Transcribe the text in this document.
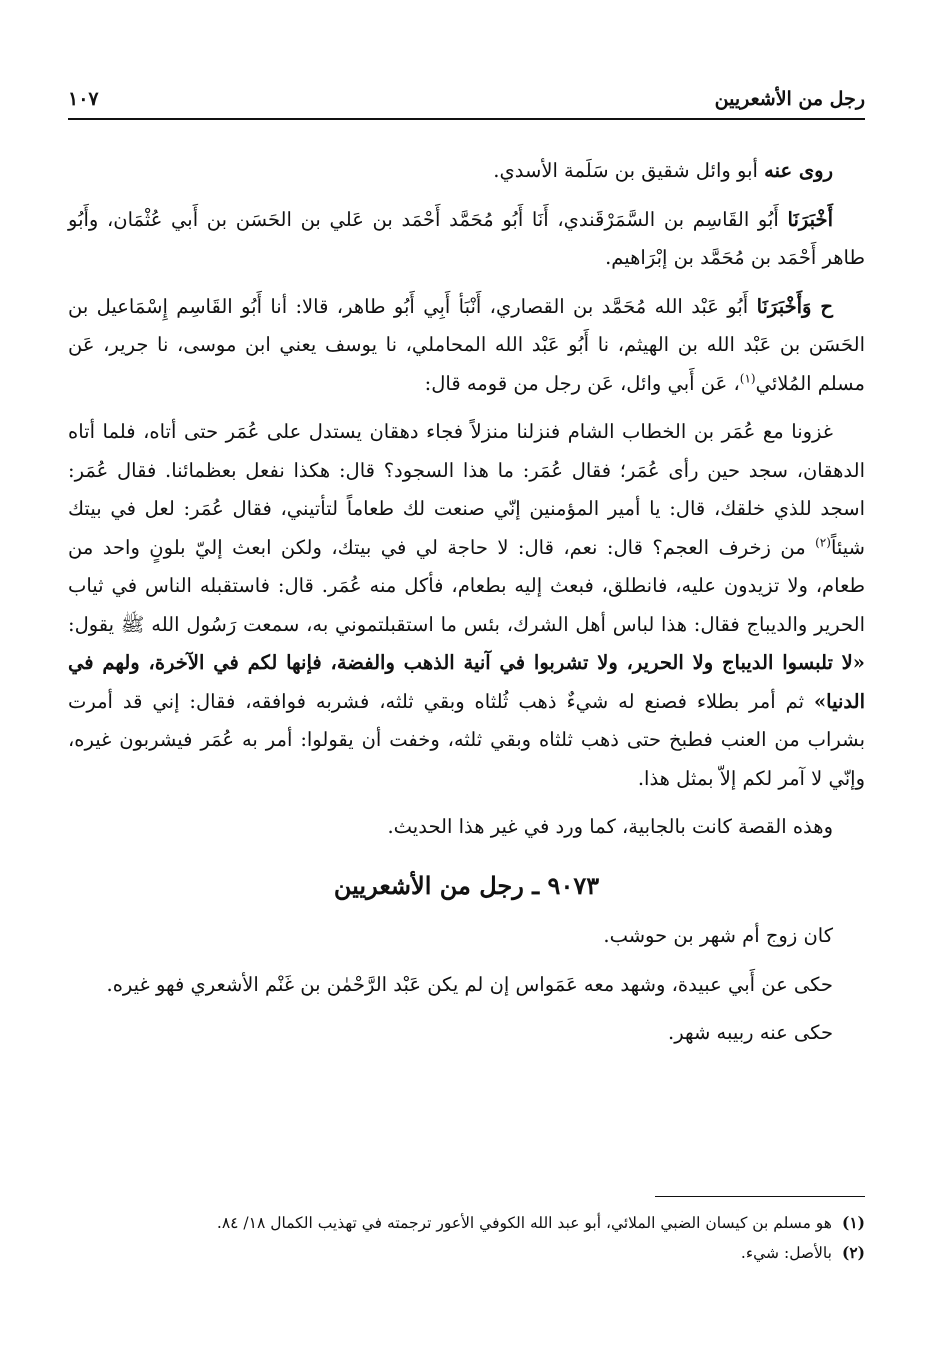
رجل من الأشعريين
١٠٧

روى عنه أبو وائل شقيق بن سَلَمة الأسدي.

أَخْبَرَنَا أَبُو القَاسِم بن السَّمَرْقَندي، أَنَا أَبُو مُحَمَّد أَحْمَد بن عَلي بن الحَسَن بن أَبي عُثْمَان، وأَبُو طاهر أَحْمَد بن مُحَمَّد بن إبْرَاهيم.

ح وَأَخْبَرَنَا أَبُو عَبْد الله مُحَمَّد بن القصاري، أَنْبَأ أَبِي أَبُو طاهر، قالا: أنا أَبُو القَاسِم إِسْمَاعيل بن الحَسَن بن عَبْد الله بن الهيثم، نا أَبُو عَبْد الله المحاملي، نا يوسف يعني ابن موسى، نا جرير، عَن مسلم المُلائي$^{(١)}$، عَن أَبي وائل، عَن رجل من قومه قال:

غزونا مع عُمَر بن الخطاب الشام فنزلنا منزلاً فجاء دهقان يستدل على عُمَر حتى أتاه، فلما أتاه الدهقان، سجد حين رأى عُمَر؛ فقال عُمَر: ما هذا السجود؟ قال: هكذا نفعل بعظمائنا. فقال عُمَر: اسجد للذي خلقك، قال: يا أمير المؤمنين إنّي صنعت لك طعاماً لتأتيني، فقال عُمَر: لعل في بيتك شيئاً$^{(٢)}$ من زخرف العجم؟ قال: نعم، قال: لا حاجة لي في بيتك، ولكن ابعث إليّ بلونٍ واحد من طعام، ولا تزيدون عليه، فانطلق، فبعث إليه بطعام، فأكل منه عُمَر. قال: فاستقبله الناس في ثياب الحرير والديباج فقال: هذا لباس أهل الشرك، بئس ما استقبلتموني به، سمعت رَسُول الله ﷺ يقول: «لا تلبسوا الديباج ولا الحرير، ولا تشربوا في آنية الذهب والفضة، فإنها لكم في الآخرة، ولهم في الدنيا» ثم أمر بطلاء فصنع له شيءٌ ذهب ثُلثاه وبقي ثلثه، فشربه فوافقه، فقال: إني قد أمرت بشراب من العنب فطبخ حتى ذهب ثلثاه وبقي ثلثه، وخفت أن يقولوا: أمر به عُمَر فيشربون غيره، وإنّي لا آمر لكم إلاّ بمثل هذا.

وهذه القصة كانت بالجابية، كما ورد في غير هذا الحديث.

٩٠٧٣ ـ رجل من الأشعريين

كان زوج أم شهر بن حوشب.

حكى عن أَبي عبيدة، وشهد معه عَمَواس إن لم يكن عَبْد الرَّحْمٰن بن غَنْم الأشعري فهو غيره.

حكى عنه ربيبه شهر.

(١)
هو مسلم بن كيسان الضبي الملائي، أبو عبد الله الكوفي الأعور ترجمته في تهذيب الكمال ١٨/ ٨٤.
(٢)
بالأصل: شيء.
